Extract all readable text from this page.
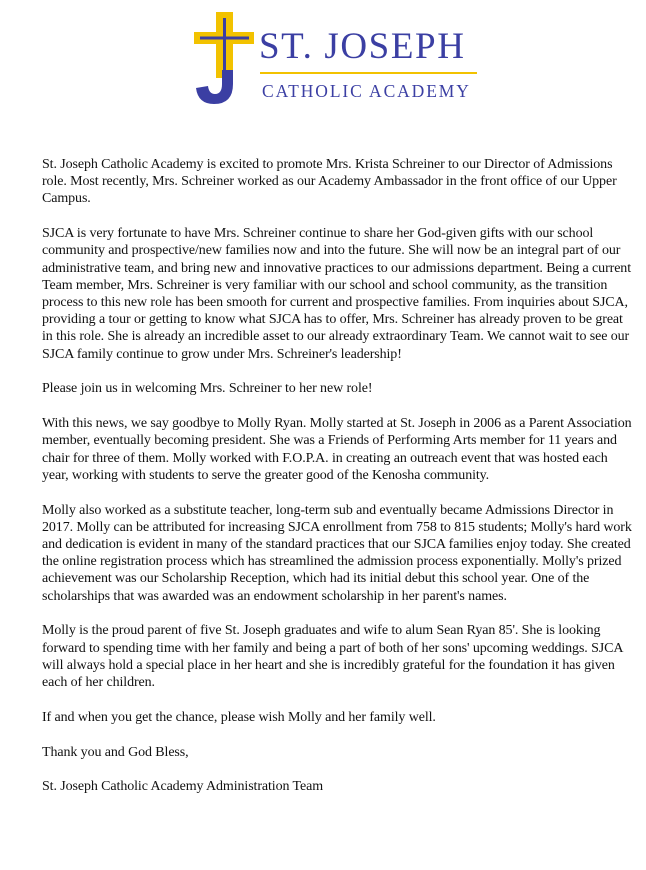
ST. JOSEPH
CATHOLIC ACADEMY

St. Joseph Catholic Academy is excited to promote Mrs. Krista Schreiner to our Director of Admissions role. Most recently, Mrs. Schreiner worked as our Academy Ambassador in the front office of our Upper Campus.

SJCA is very fortunate to have Mrs. Schreiner continue to share her God-given gifts with our school community and prospective/new families now and into the future. She will now be an integral part of our administrative team, and bring new and innovative practices to our admissions department. Being a current Team member, Mrs. Schreiner is very familiar with our school and school community, as the transition process to this new role has been smooth for current and prospective families. From inquiries about SJCA, providing a tour or getting to know what SJCA has to offer, Mrs. Schreiner has already proven to be great in this role. She is already an incredible asset to our already extraordinary Team. We cannot wait to see our SJCA family continue to grow under Mrs. Schreiner's leadership!

Please join us in welcoming Mrs. Schreiner to her new role!

With this news, we say goodbye to Molly Ryan. Molly started at St. Joseph in 2006 as a Parent Association member, eventually becoming president. She was a Friends of Performing Arts member for 11 years and chair for three of them. Molly worked with F.O.P.A. in creating an outreach event that was hosted each year, working with students to serve the greater good of the Kenosha community.

Molly also worked as a substitute teacher, long-term sub and eventually became Admissions Director in 2017. Molly can be attributed for increasing SJCA enrollment from 758 to 815 students; Molly's hard work and dedication is evident in many of the standard practices that our SJCA families enjoy today. She created the online registration process which has streamlined the admission process exponentially. Molly's prized achievement was our Scholarship Reception, which had its initial debut this school year. One of the scholarships that was awarded was an endowment scholarship in her parent's names.

Molly is the proud parent of five St. Joseph graduates and wife to alum Sean Ryan 85'. She is looking forward to spending time with her family and being a part of both of her sons' upcoming weddings. SJCA will always hold a special place in her heart and she is incredibly grateful for the foundation it has given each of her children.

If and when you get the chance, please wish Molly and her family well.

Thank you and God Bless,

St. Joseph Catholic Academy Administration Team
